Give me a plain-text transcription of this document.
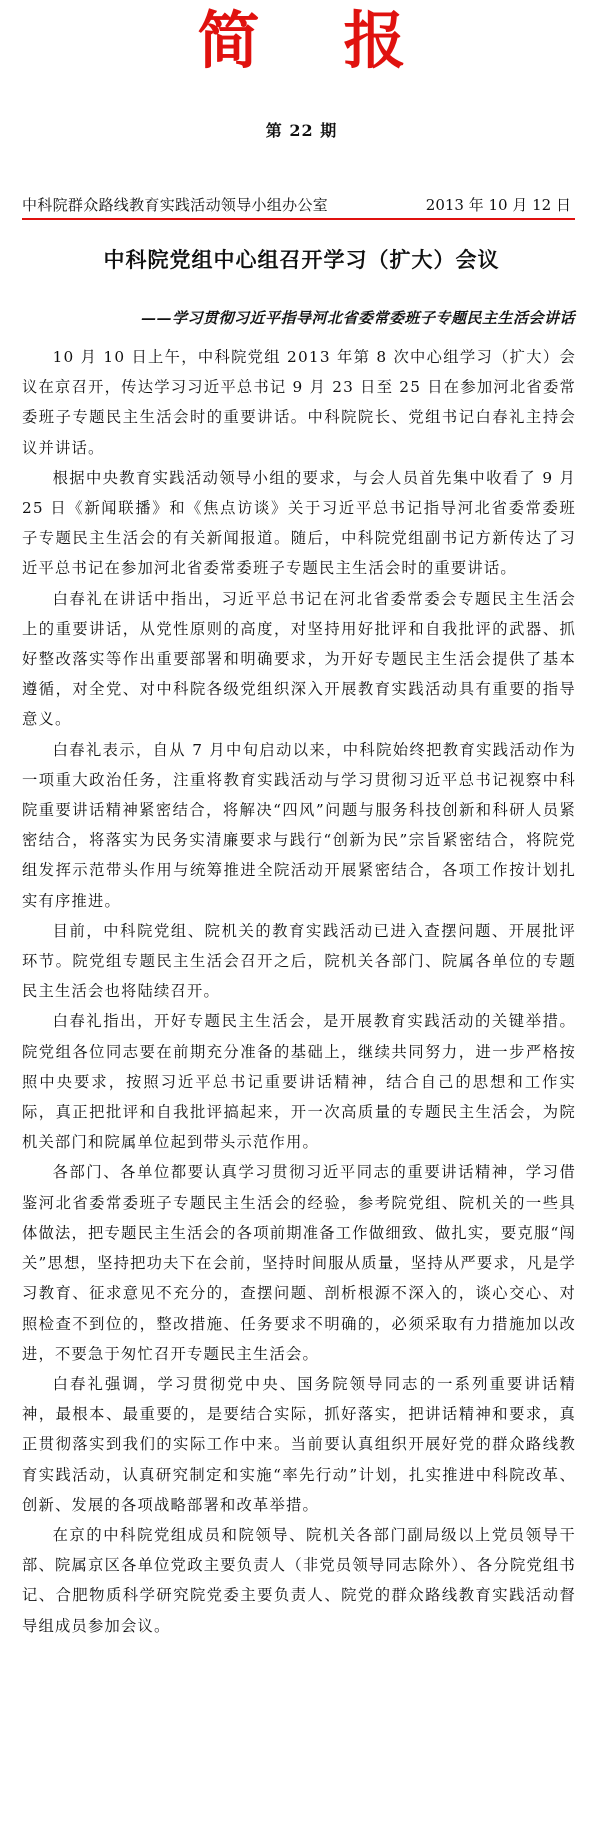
简报
第 22 期
中科院群众路线教育实践活动领导小组办公室	2013 年 10 月 12 日
中科院党组中心组召开学习（扩大）会议
——学习贯彻习近平指导河北省委常委班子专题民主生活会讲话

10 月 10 日上午，中科院党组 2013 年第 8 次中心组学习（扩大）会议在京召开，传达学习习近平总书记 9 月 23 日至 25 日在参加河北省委常委班子专题民主生活会时的重要讲话。中科院院长、党组书记白春礼主持会议并讲话。

根据中央教育实践活动领导小组的要求，与会人员首先集中收看了 9 月 25 日《新闻联播》和《焦点访谈》关于习近平总书记指导河北省委常委班子专题民主生活会的有关新闻报道。随后，中科院党组副书记方新传达了习近平总书记在参加河北省委常委班子专题民主生活会时的重要讲话。

白春礼在讲话中指出，习近平总书记在河北省委常委会专题民主生活会上的重要讲话，从党性原则的高度，对坚持用好批评和自我批评的武器、抓好整改落实等作出重要部署和明确要求，为开好专题民主生活会提供了基本遵循，对全党、对中科院各级党组织深入开展教育实践活动具有重要的指导意义。

白春礼表示，自从 7 月中旬启动以来，中科院始终把教育实践活动作为一项重大政治任务，注重将教育实践活动与学习贯彻习近平总书记视察中科院重要讲话精神紧密结合，将解决“四风”问题与服务科技创新和科研人员紧密结合，将落实为民务实清廉要求与践行“创新为民”宗旨紧密结合，将院党组发挥示范带头作用与统筹推进全院活动开展紧密结合，各项工作按计划扎实有序推进。

目前，中科院党组、院机关的教育实践活动已进入查摆问题、开展批评环节。院党组专题民主生活会召开之后，院机关各部门、院属各单位的专题民主生活会也将陆续召开。

白春礼指出，开好专题民主生活会，是开展教育实践活动的关键举措。院党组各位同志要在前期充分准备的基础上，继续共同努力，进一步严格按照中央要求，按照习近平总书记重要讲话精神，结合自己的思想和工作实际，真正把批评和自我批评搞起来，开一次高质量的专题民主生活会，为院机关部门和院属单位起到带头示范作用。

各部门、各单位都要认真学习贯彻习近平同志的重要讲话精神，学习借鉴河北省委常委班子专题民主生活会的经验，参考院党组、院机关的一些具体做法，把专题民主生活会的各项前期准备工作做细致、做扎实，要克服“闯关”思想，坚持把功夫下在会前，坚持时间服从质量，坚持从严要求，凡是学习教育、征求意见不充分的，查摆问题、剖析根源不深入的，谈心交心、对照检查不到位的，整改措施、任务要求不明确的，必须采取有力措施加以改进，不要急于匆忙召开专题民主生活会。

白春礼强调，学习贯彻党中央、国务院领导同志的一系列重要讲话精神，最根本、最重要的，是要结合实际，抓好落实，把讲话精神和要求，真正贯彻落实到我们的实际工作中来。当前要认真组织开展好党的群众路线教育实践活动，认真研究制定和实施“率先行动”计划，扎实推进中科院改革、创新、发展的各项战略部署和改革举措。

在京的中科院党组成员和院领导、院机关各部门副局级以上党员领导干部、院属京区各单位党政主要负责人（非党员领导同志除外）、各分院党组书记、合肥物质科学研究院党委主要负责人、院党的群众路线教育实践活动督导组成员参加会议。
